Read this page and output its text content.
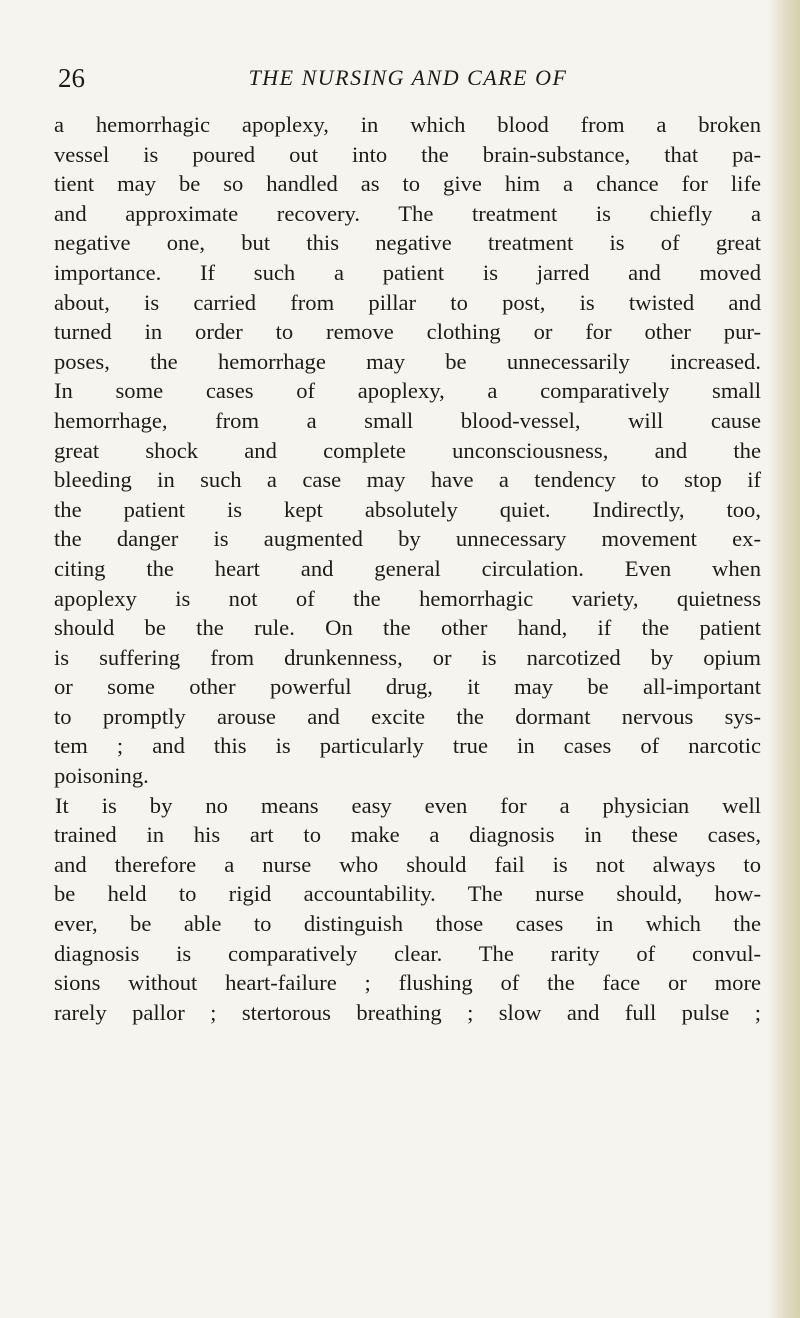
26	THE NURSING AND CARE OF

a hemorrhagic apoplexy, in which blood from a broken

vessel is poured out into the brain-substance, that pa-

tient may be so handled as to give him a chance for life

and approximate recovery. The treatment is chiefly a

negative one, but this negative treatment is of great

importance. If such a patient is jarred and moved

about, is carried from pillar to post, is twisted and

turned in order to remove clothing or for other pur-

poses, the hemorrhage may be unnecessarily increased.

In some cases of apoplexy, a comparatively small

hemorrhage, from a small blood-vessel, will cause

great shock and complete unconsciousness, and the

bleeding in such a case may have a tendency to stop if

the patient is kept absolutely quiet. Indirectly, too,

the danger is augmented by unnecessary movement ex-

citing the heart and general circulation. Even when

apoplexy is not of the hemorrhagic variety, quietness

should be the rule. On the other hand, if the patient

is suffering from drunkenness, or is narcotized by opium

or some other powerful drug, it may be all-important

to promptly arouse and excite the dormant nervous sys-

tem ; and this is particularly true in cases of narcotic

poisoning.

It is by no means easy even for a physician well

trained in his art to make a diagnosis in these cases,

and therefore a nurse who should fail is not always to

be held to rigid accountability. The nurse should, how-

ever, be able to distinguish those cases in which the

diagnosis is comparatively clear. The rarity of convul-

sions without heart-failure ; flushing of the face or more

rarely pallor ; stertorous breathing ; slow and full pulse ;
